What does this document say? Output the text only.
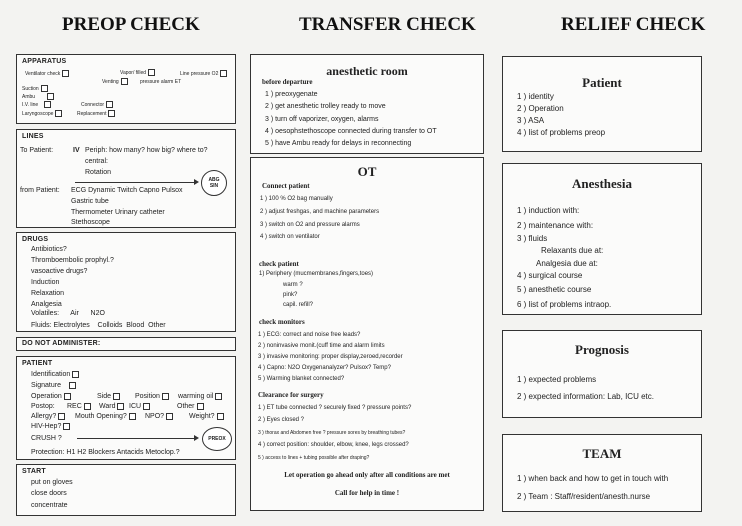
PREOP CHECK	TRANSFER CHECK	RELIEF CHECK
APPARATUS
Ventilator check	Vapor/ filled	Line pressure O2
Venting	pressure alarm ET
Suction
Ambu
I.V. line	Connector
Laryngoscope	Replacement
LINES
To Patient:	IV Periph: how many? how big? where to?
central:
Rotation
ABG
SIN
from Patient: ECG Dynamic Twitch Capno Pulsox
Gastric tube
Thermometer Urinary catheter
Stethoscope
DRUGS
Antibiotics?
Thromboembolic prophyl.?
vasoactive drugs?
Induction
Relaxation
Analgesia
Volatiles:      Air      N2O
Fluids: Electrolytes    Colloids  Blood  Other
DO NOT ADMINISTER:
PATIENT
Identification
Signature
Operation	Side	Position	warming oil
Postop: REC	Ward	ICU	Other
Allergy?	Mouth Opening?	NPO?	Weight?
HIV-Hep?
CRUSH ?	PREOX
Protection: H1 H2 Blockers Antacids Metoclop.?
START
put on gloves
close doors
concentrate
anesthetic room
before departure
1 ) preoxygenate
2 ) get anesthetic trolley ready to move
3 ) turn off vaporizer, oxygen, alarms
4 ) oesophstethoscope connected during transfer to OT
5 ) have Ambu ready for delays in reconnecting
OT
Connect patient
1 ) 100 % O2 bag manually
2 ) adjust freshgas, and machine parameters
3 ) switch on O2 and pressure alarms
4 ) switch on ventilator
check patient
1) Periphery (mucmembranes,fingers,toes)
warm ?
pink?
capil. refill?
check monitors
1 ) ECG: correct and noise free leads?
2 ) noninvasive monit.(cuff time and alarm limits
3 ) invasive monitoring: proper display,zeroed,recorder
4 ) Capno: N2O Oxygenanalyzer? Pulsox? Temp?
5 ) Warming blanket connected?
Clearance for surgery
1 ) ET tube connected ? securely fixed ? pressure points?
2 ) Eyes closed ?
3 ) thorax and Abdomen free ? pressure sores by breathing tubes?
4 ) correct position: shoulder, elbow, knee, legs crossed?
5 ) access to lines + tubing possible after draping?
Let operation go ahead only after all conditions are met
Call for help in time !
Patient
1 ) identity
2 ) Operation
3 ) ASA
4 ) list of problems preop
Anesthesia
1 ) induction with:
2 ) maintenance with:
3 ) fluids
Relaxants due at:
Analgesia due at:
4 ) surgical course
5 ) anesthetic course
6 ) list of problems intraop.
Prognosis
1 ) expected problems
2 ) expected information: Lab, ICU etc.
TEAM
1 ) when back and how to get in touch with
2 ) Team : Staff/resident/anesth.nurse
